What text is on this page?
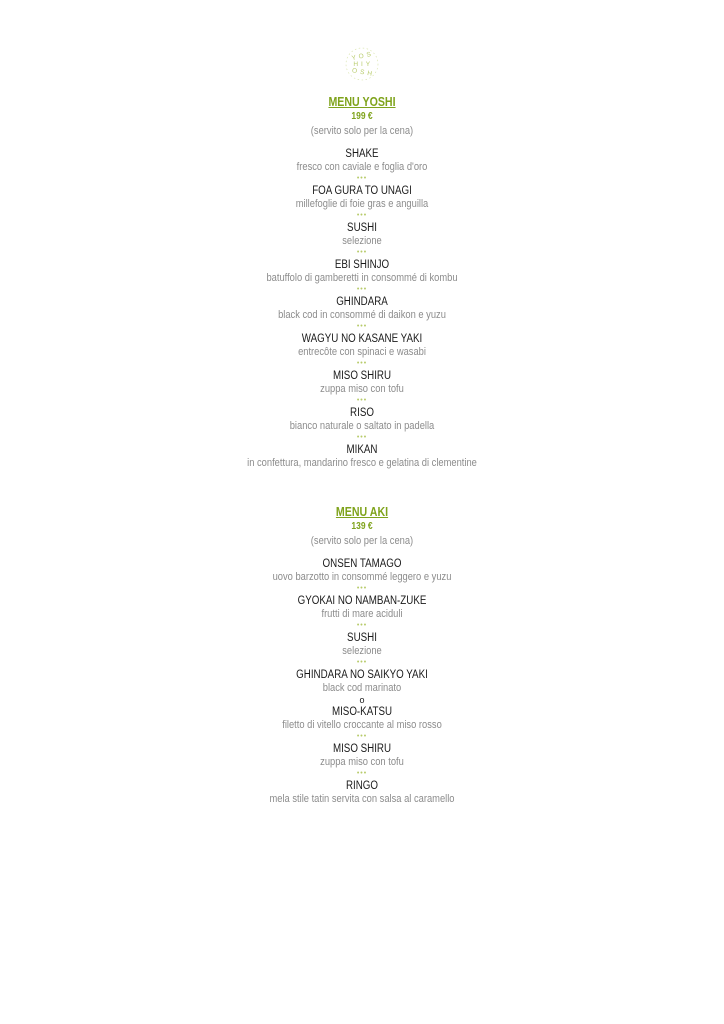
Y O S
H I Y
O S H
MENU YOSHI
199 €
(servito solo per la cena)
SHAKE
fresco con caviale e foglia d'oro
•••
FOA GURA TO UNAGI
millefoglie di foie gras e anguilla
•••
SUSHI
selezione
•••
EBI SHINJO
batuffolo di gamberetti in consommé di kombu
•••
GHINDARA
black cod in consommé di daikon e yuzu
•••
WAGYU NO KASANE YAKI
entrecôte con spinaci e wasabi
•••
MISO SHIRU
zuppa miso con tofu
•••
RISO
bianco naturale o saltato in padella
•••
MIKAN
in confettura, mandarino fresco e gelatina di clementine
MENU AKI
139 €
(servito solo per la cena)
ONSEN TAMAGO
uovo barzotto in consommé leggero e yuzu
•••
GYOKAI NO NAMBAN-ZUKE
frutti di mare aciduli
•••
SUSHI
selezione
•••
GHINDARA NO SAIKYO YAKI
black cod marinato
o
MISO-KATSU
filetto di vitello croccante al miso rosso
•••
MISO SHIRU
zuppa miso con tofu
•••
RINGO
mela stile tatin servita con salsa al caramello
